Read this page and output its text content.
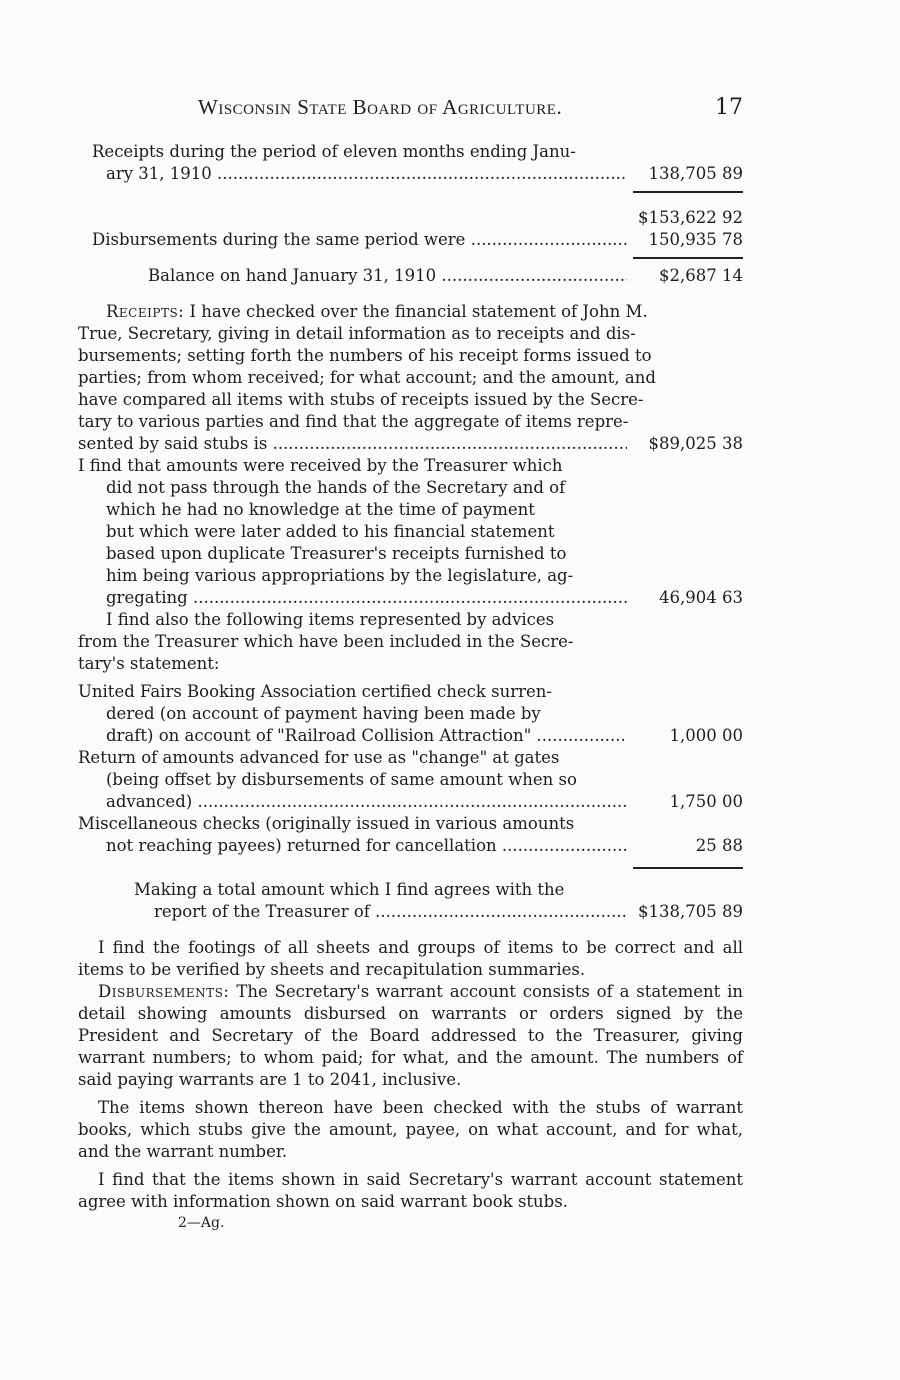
Wisconsin State Board of Agriculture.	17
Receipts during the period of eleven months ending Janu-
ary 31, 1910 .....	138,705 89
$153,622 92
Disbursements during the same period were .....	150,935 78
Balance on hand January 31, 1910 .....	$2,687 14
Receipts: I have checked over the financial statement of John M.
True, Secretary, giving in detail information as to receipts and dis-
bursements; setting forth the numbers of his receipt forms issued to
parties; from whom received; for what account; and the amount, and
have compared all items with stubs of receipts issued by the Secre-
tary to various parties and find that the aggregate of items repre-
sented by said stubs is .....	$89,025 38
I find that amounts were received by the Treasurer which
did not pass through the hands of the Secretary and of
which he had no knowledge at the time of payment
but which were later added to his financial statement
based upon duplicate Treasurer's receipts furnished to
him being various appropriations by the legislature, ag-
gregating .....	46,904 63
I find also the following items represented by advices
from the Treasurer which have been included in the Secre-
tary's statement:
United Fairs Booking Association certified check surren-
dered (on account of payment having been made by
draft) on account of "Railroad Collision Attraction" .....	1,000 00
Return of amounts advanced for use as "change" at gates
(being offset by disbursements of same amount when so
advanced) .....	1,750 00
Miscellaneous checks (originally issued in various amounts
not reaching payees) returned for cancellation .....	25 88
Making a total amount which I find agrees with the
report of the Treasurer of .....	$138,705 89
I find the footings of all sheets and groups of items to be correct and all items to be verified by sheets and recapitulation summaries.
Disbursements: The Secretary's warrant account consists of a statement in detail showing amounts disbursed on warrants or orders signed by the President and Secretary of the Board addressed to the Treasurer, giving warrant numbers; to whom paid; for what, and the amount. The numbers of said paying warrants are 1 to 2041, inclusive.
The items shown thereon have been checked with the stubs of warrant books, which stubs give the amount, payee, on what account, and for what, and the warrant number.
I find that the items shown in said Secretary's warrant account statement agree with information shown on said warrant book stubs.
2—Ag.
